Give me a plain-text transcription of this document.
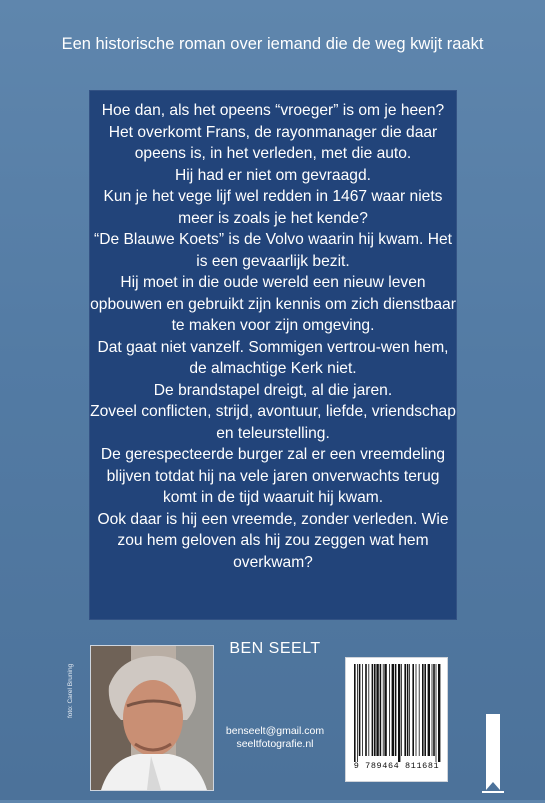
Een historische roman over iemand die de weg kwijt raakt

Hoe dan, als het opeens “vroeger” is om je heen? Het overkomt Frans, de rayonmanager die daar opeens is, in het verleden, met die auto.

Hij had er niet om gevraagd.

Kun je het vege lijf wel redden in 1467 waar niets meer is zoals je het kende?

“De Blauwe Koets” is de Volvo waarin hij kwam. Het is een gevaarlijk bezit.

Hij moet in die oude wereld een nieuw leven opbouwen en gebruikt zijn kennis om zich dienstbaar te maken voor zijn omgeving.

Dat gaat niet vanzelf. Sommigen vertrou-wen hem, de almachtige Kerk niet.

De brandstapel dreigt, al die jaren.

Zoveel conflicten, strijd, avontuur, liefde, vriendschap en teleurstelling.

De gerespecteerde burger zal er een vreemdeling blijven totdat hij na vele jaren onverwachts terug komt in de tijd waaruit hij kwam.

Ook daar is hij een vreemde, zonder verleden. Wie zou hem geloven als hij zou zeggen wat hem overkwam?

foto: Carel Bruning
BEN SEELT
benseelt@gmail.com
seeltfotografie.nl
9 789464 811681
